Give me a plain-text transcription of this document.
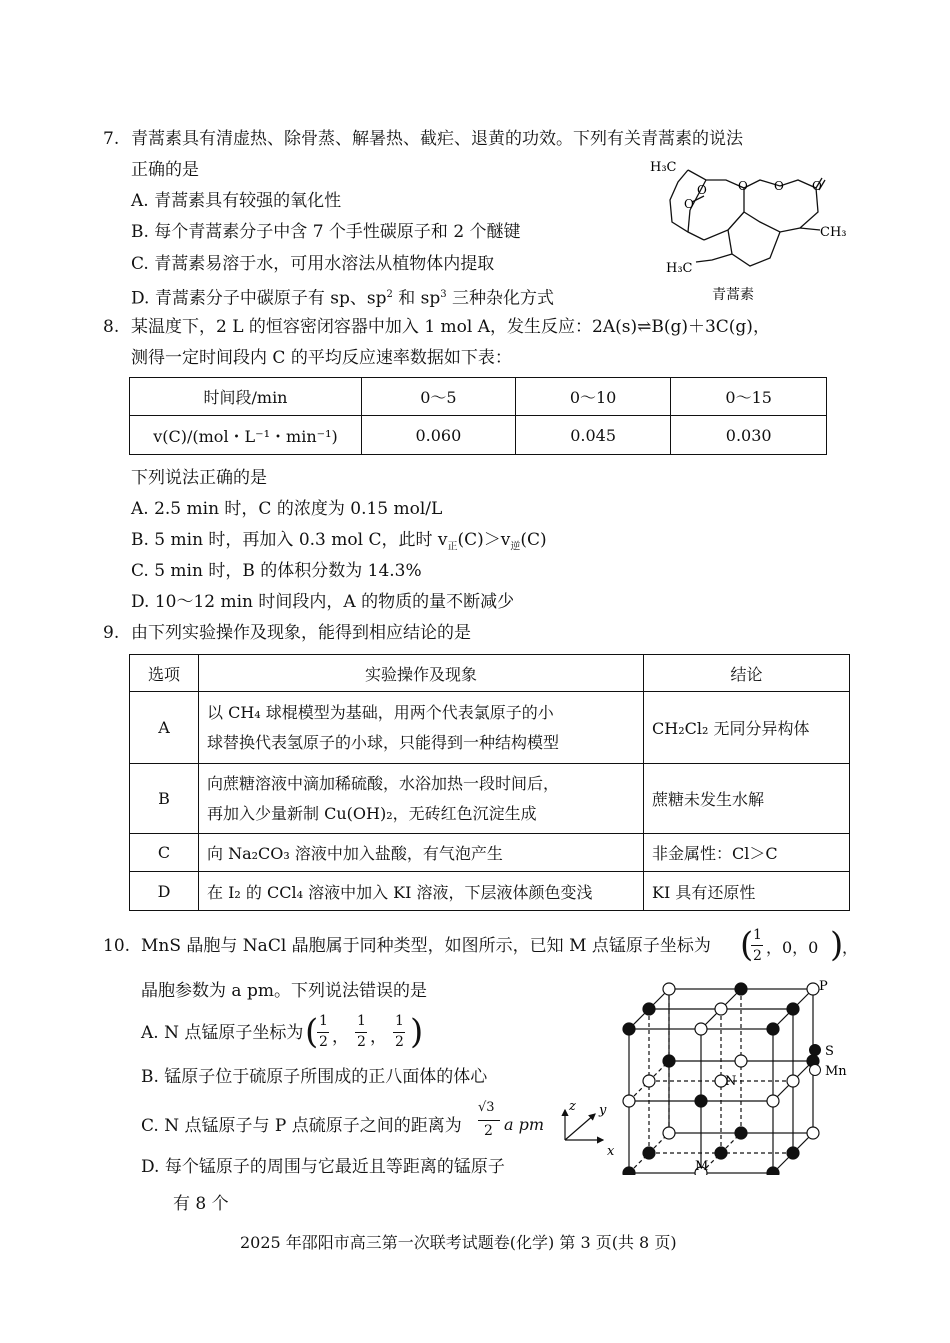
7. 青蒿素具有清虚热、除骨蒸、解暑热、截疟、退黄的功效。下列有关青蒿素的说法
正确的是
A. 青蒿素具有较强的氧化性
B. 每个青蒿素分子中含 7 个手性碳原子和 2 个醚键
C. 青蒿素易溶于水，可用水溶法从植物体内提取
D. 青蒿素分子中碳原子有 sp、$sp^2$ 和 $sp^3$ 三种杂化方式
H₃C
O
O	O O O
CH₃
H₃C
青蒿素
8. 某温度下，2 L 的恒容密闭容器中加入 1 mol A，发生反应：2A(s)⇌B(g)＋3C(g)，
测得一定时间段内 C 的平均反应速率数据如下表：
时间段/min	0～5	0～10	0～15
v(C)/(mol・L⁻¹・min⁻¹)	0.060	0.045	0.030
下列说法正确的是
A. 2.5 min 时，C 的浓度为 0.15 mol/L
B. 5 min 时，再加入 0.3 mol C，此时 $v_正(C)>v_逆(C)$
C. 5 min 时，B 的体积分数为 14.3%
D. 10～12 min 时间段内，A 的物质的量不断减少
9. 由下列实验操作及现象，能得到相应结论的是
选项	实验操作及现象	结论
A	以 CH₄ 球棍模型为基础，用两个代表氯原子的小
球替换代表氢原子的小球，只能得到一种结构模型	CH₂Cl₂ 无同分异构体
B	向蔗糖溶液中滴加稀硫酸，水浴加热一段时间后，
再加入少量新制 Cu(OH)₂，无砖红色沉淀生成	蔗糖未发生水解
C	向 Na₂CO₃ 溶液中加入盐酸，有气泡产生	非金属性：Cl＞C
D	在 I₂ 的 CCl₄ 溶液中加入 KI 溶液，下层液体颜色变浅	KI 具有还原性
10. MnS 晶胞与 NaCl 晶胞属于同种类型，如图所示，已知 M 点锰原子坐标为 ( 1
2 ，0，0 )
，
晶胞参数为 a pm。下列说法错误的是
A. N 点锰原子坐标为 ( 1
2 ，
1
2 ，
1
2 )
B. 锰原子位于硫原子所围成的正八面体的体心
C. N 点锰原子与 P 点硫原子之间的距离为
√3
2 a pm
D. 每个锰原子的周围与它最近且等距离的锰原子
有 8 个
x
y
z
P
N
M
S
Mn
2025 年邵阳市高三第一次联考试题卷(化学) 第 3 页(共 8 页)
